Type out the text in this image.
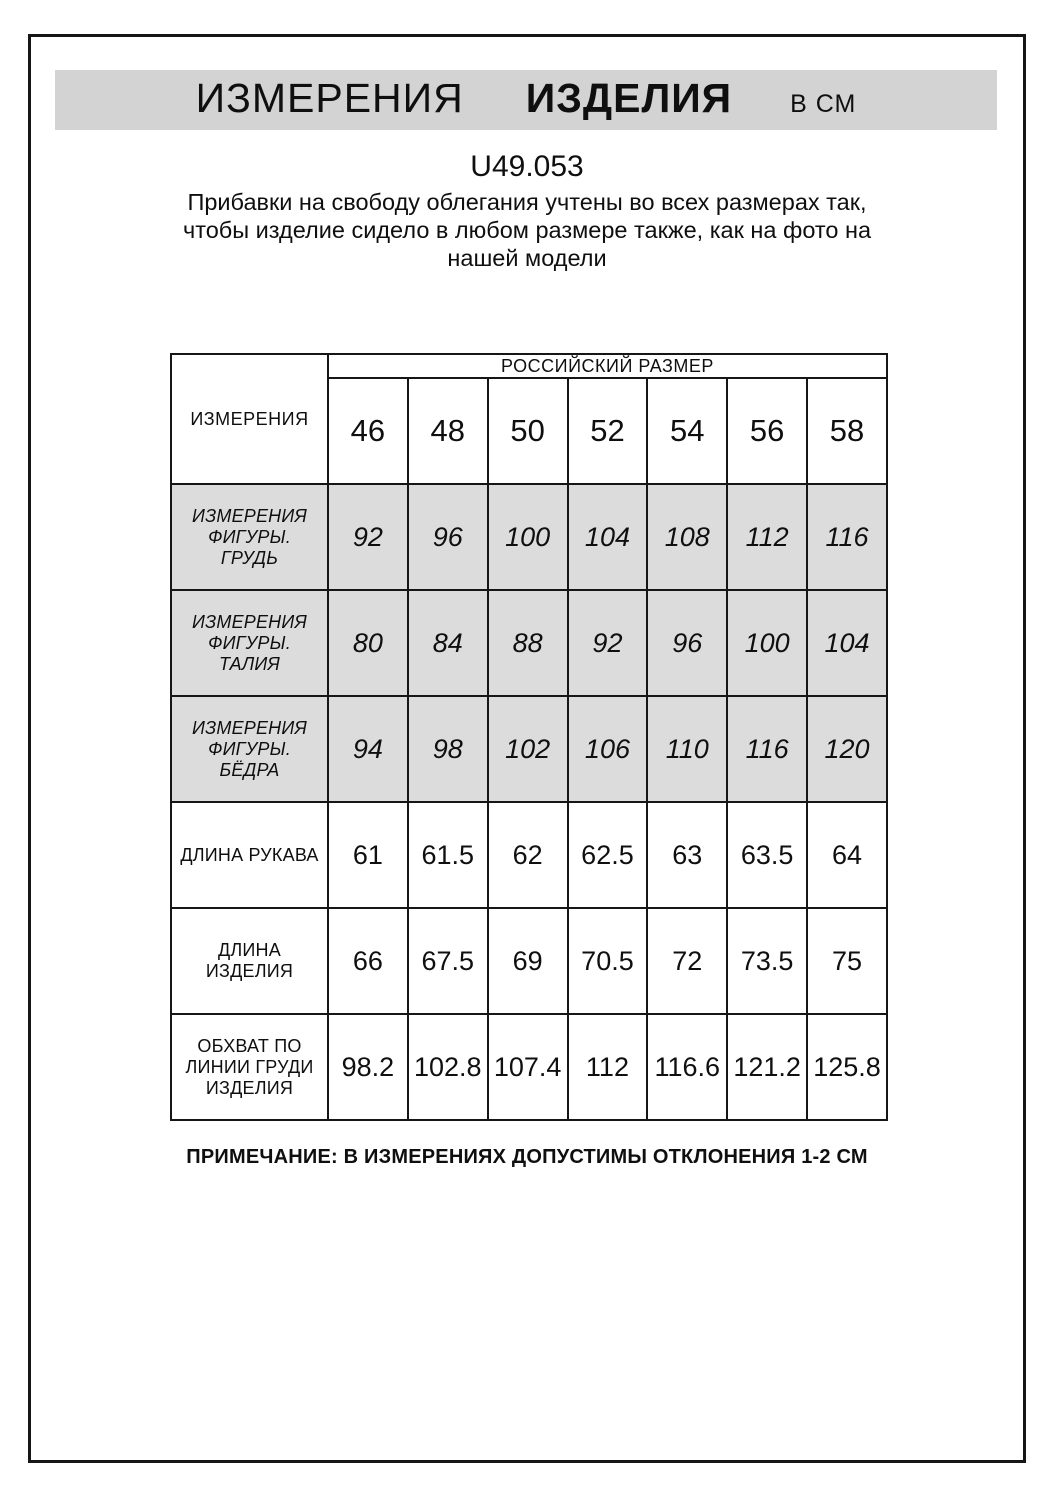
ИЗМЕРЕНИЯ ИЗДЕЛИЯ В СМ
U49.053
Прибавки на свободу облегания учтены во всех размерах так,
чтобы изделие сидело в любом размере также, как на фото на
нашей модели
ИЗМЕРЕНИЯ	РОССИЙСКИЙ РАЗМЕР						
	46	48	50	52	54	56	58
ИЗМЕРЕНИЯ ФИГУРЫ. ГРУДЬ	92	96	100	104	108	112	116
ИЗМЕРЕНИЯ ФИГУРЫ. ТАЛИЯ	80	84	88	92	96	100	104
ИЗМЕРЕНИЯ ФИГУРЫ. БЁДРА	94	98	102	106	110	116	120
ДЛИНА РУКАВА	61	61.5	62	62.5	63	63.5	64
ДЛИНА ИЗДЕЛИЯ	66	67.5	69	70.5	72	73.5	75
ОБХВАТ ПО ЛИНИИ ГРУДИ ИЗДЕЛИЯ	98.2	102.8	107.4	112	116.6	121.2	125.8
ПРИМЕЧАНИЕ: В ИЗМЕРЕНИЯХ ДОПУСТИМЫ ОТКЛОНЕНИЯ 1-2 СМ
